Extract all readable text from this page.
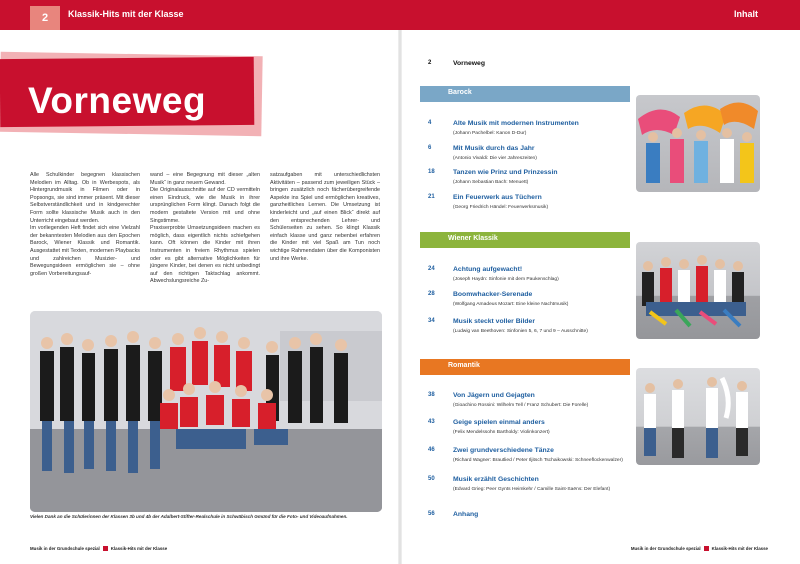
2	Klassik-Hits mit der Klasse	Inhalt
Vorneweg

Alle Schulkinder begegnen klassischen Melodien im Alltag. Ob in Werbespots, als Hintergrundmusik in Filmen oder in Popsongs, sie sind immer präsent. Mit dieser Selbstverständlichkeit und in kindgerechter Form sollte klassische Musik auch in den Unterricht eingebaut werden.

Im vorliegenden Heft findet sich eine Vielzahl der bekanntesten Melodien aus den Epochen Barock, Wiener Klassik und Romantik. Ausgestattet mit Texten, modernen Playbacks und zahlreichen Musizier- und Bewegungsideen ermöglichen sie – ohne großen Vorbereitungsauf-

wand – eine Begegnung mit dieser „alten Musik“ in ganz neuem Gewand.

Die Originalausschnitte auf der CD vermitteln einen Eindruck, wie die Musik in ihrer ursprünglichen Form klingt. Danach folgt die modern gestaltete Version mit und ohne Singstimme.

Praxiserprobte Umsetzungsideen machen es möglich, dass eigentlich nichts schiefgehen kann. Oft können die Kinder mit ihren Instrumenten in freiem Rhythmus spielen oder es gibt alternative Möglichkeiten für jüngere Kinder, bei denen es nicht unbedingt auf den richtigen Taktschlag ankommt. Abwechslungsreiche Zu-

satzaufgaben mit unterschiedlichsten Aktivitäten – passend zum jeweiligen Stück – bringen zusätzlich noch fächerübergreifende Aspekte ins Spiel und ermöglichen kreatives, ganzheitliches Lernen. Die Umsetzung ist kinderleicht und „auf einen Blick“ direkt auf den entsprechenden Lehrer- und Schülerseiten zu sehen. So klingt Klassik einfach klasse und ganz nebenbei erfahren die Kinder mit viel Spaß am Tun noch wichtige Rahmendaten über die Komponisten und ihre Werke.

Vielen Dank an die Schülerinnen der Klassen 3b und 4b der Adalbert-Stifter-Realschule in Schwäbisch Gmünd für die Foto- und Videoaufnahmen.
Musik in der Grundschule spezial	Klassik-Hits mit der Klasse
2	Vorneweg
Barock
4	Alte Musik mit modernen Instrumenten
(Johann Pachelbel: Kanon D-Dur)
6	Mit Musik durch das Jahr
(Antonio Vivaldi: Die vier Jahreszeiten)
18	Tanzen wie Prinz und Prinzessin
(Johann Sebastian Bach: Menuett)
21	Ein Feuerwerk aus Tüchern
(Georg Friedrich Händel: Feuerwerksmusik)
Wiener Klassik
24	Achtung aufgewacht!
(Joseph Haydn: Sinfonie mit dem Paukenschlag)
28	Boomwhacker-Serenade
(Wolfgang Amadeus Mozart: Eine kleine Nachtmusik)
34	Musik steckt voller Bilder
(Ludwig van Beethoven: Sinfonien 5, 6, 7 und 9 – Ausschnitte)
Romantik
38	Von Jägern und Gejagten
(Gioachino Rossini: Wilhelm Tell / Franz Schubert: Die Forelle)
43	Geige spielen einmal anders
(Felix Mendelssohn Bartholdy: Violinkonzert)
46	Zwei grundverschiedene Tänze
(Richard Wagner: Brautlied / Peter Iljitsch Tschaikowski: Schneeflockenwalzer)
50	Musik erzählt Geschichten
(Edvard Grieg: Peer Gynts Heimkehr / Camille Saint-Saëns: Der Elefant)
56	Anhang
Musik in der Grundschule spezial	Klassik-Hits mit der Klasse
